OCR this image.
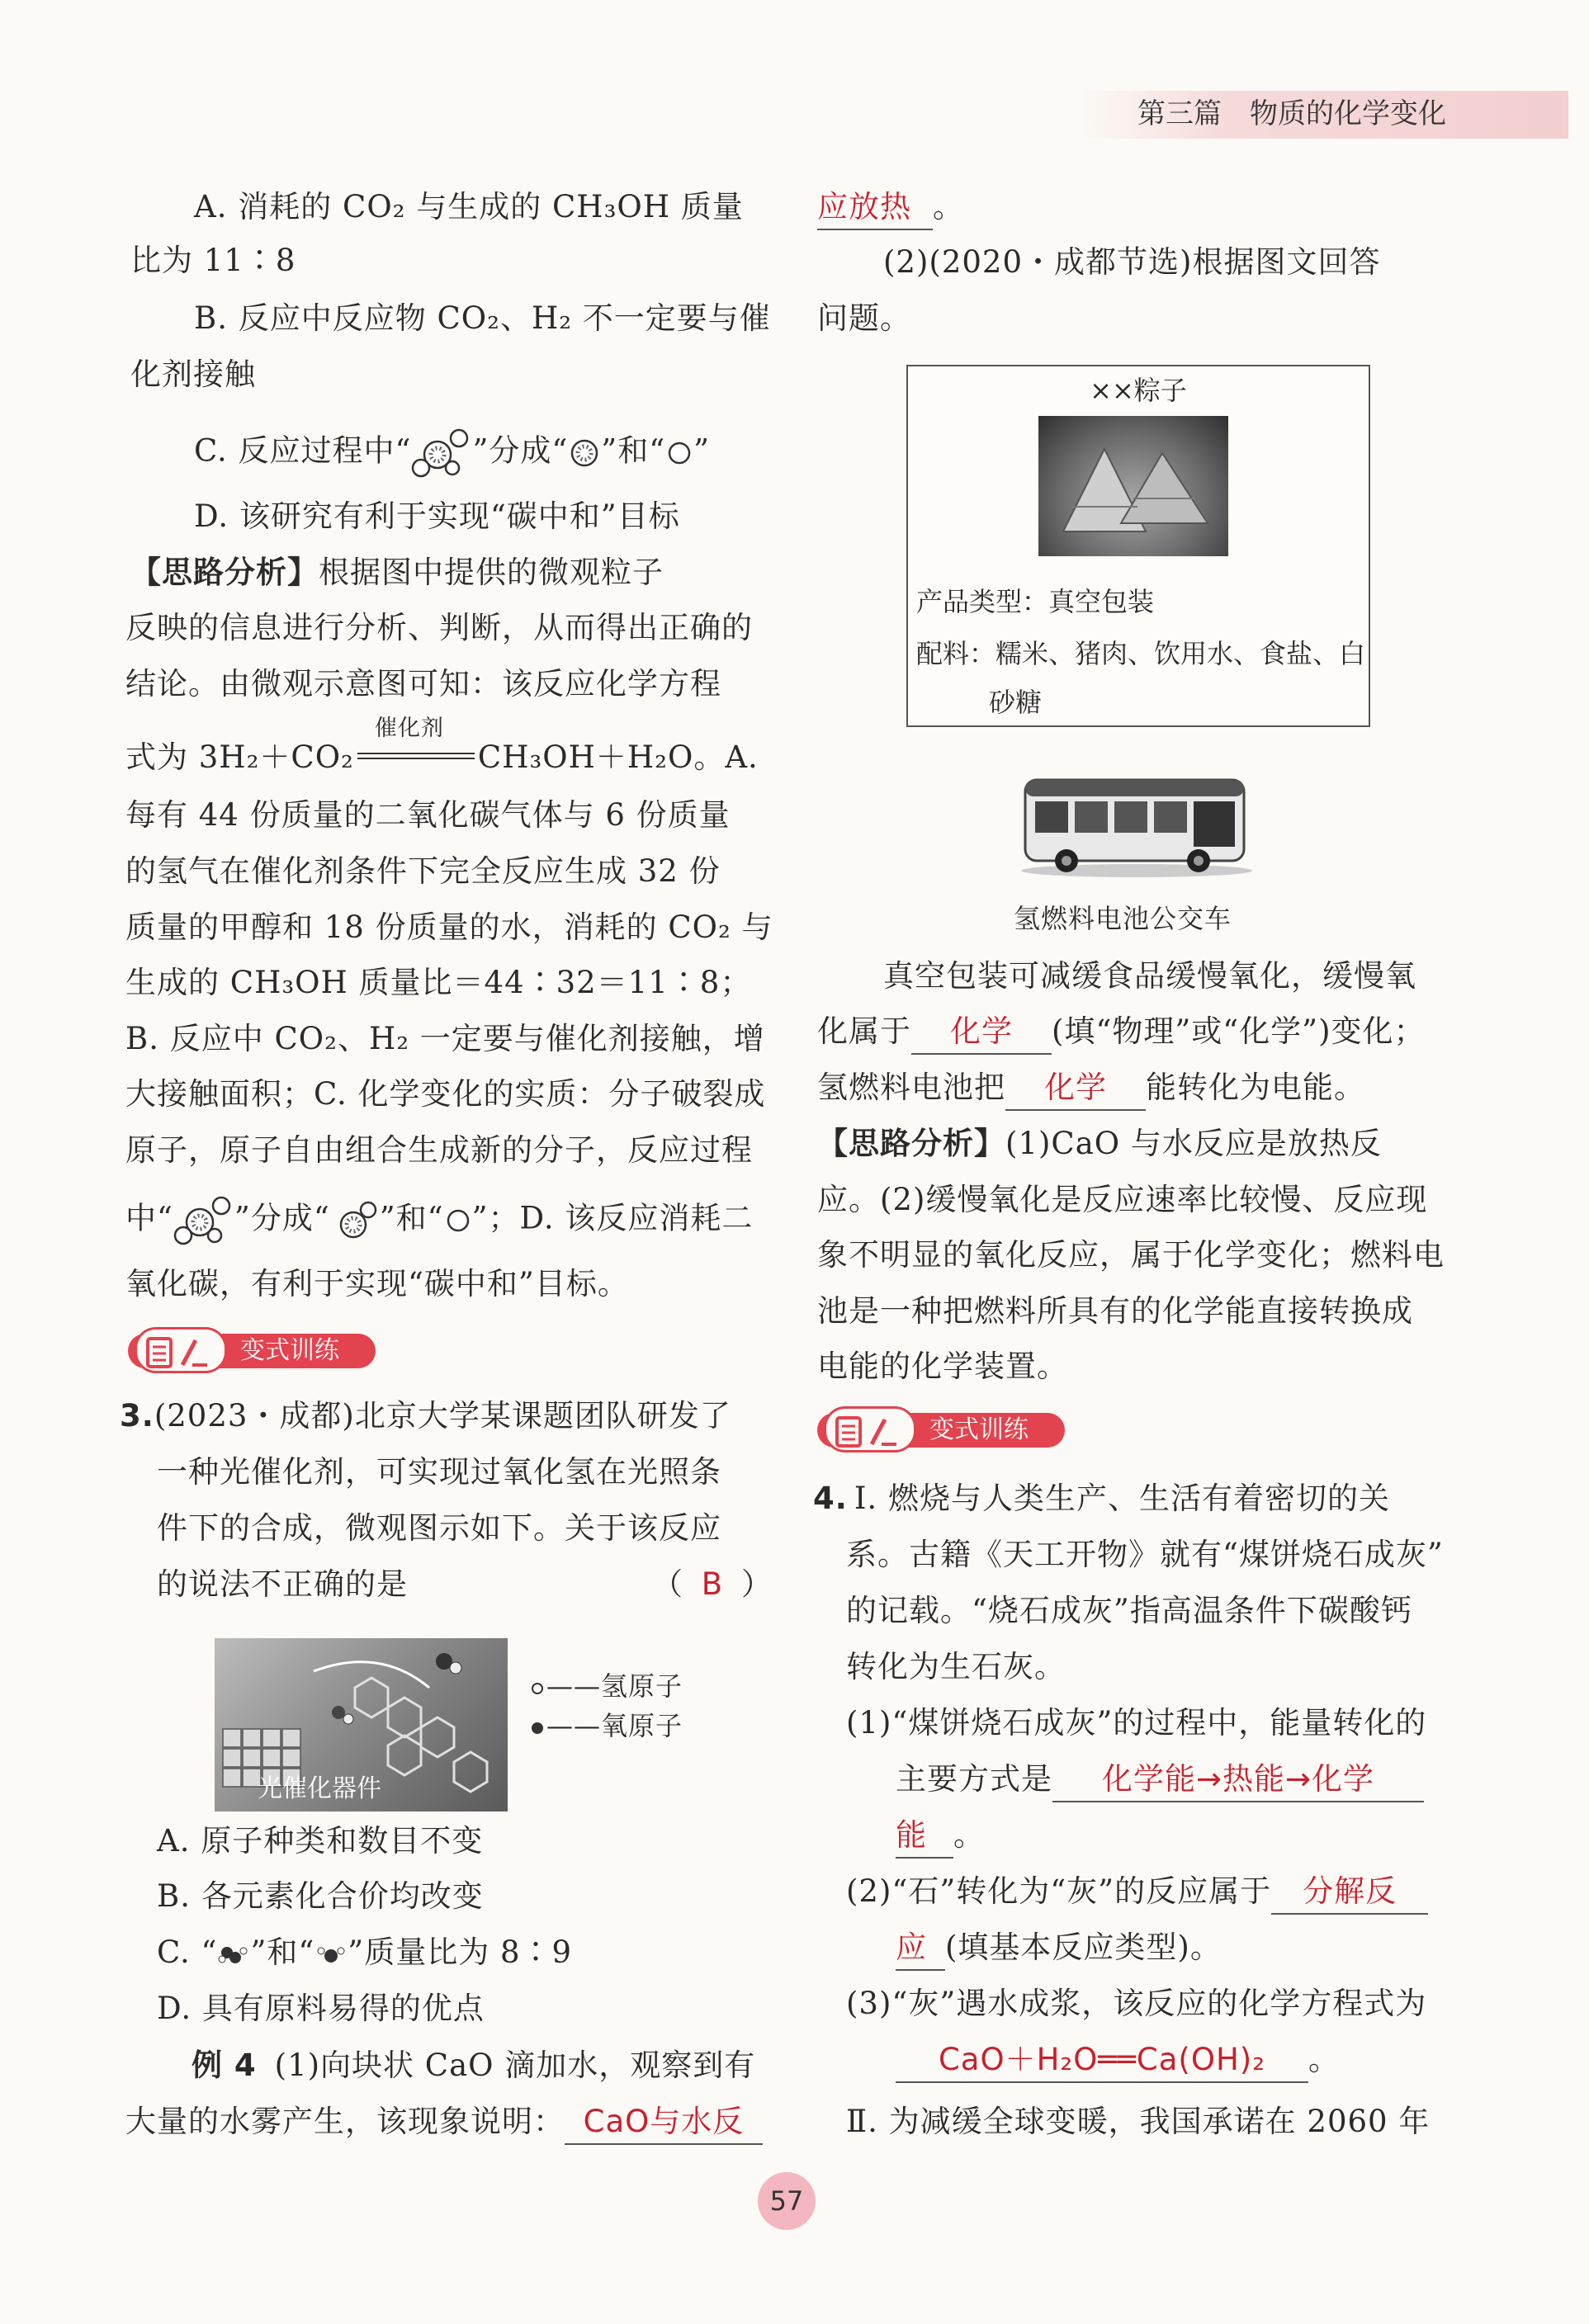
第三篇　物质的化学变化
A. 消耗的 CO₂ 与生成的 CH₃OH 质量
比为 11∶8
B. 反应中反应物 CO₂、H₂ 不一定要与催
化剂接触
C. 反应过程中“ ”分成“ ”和“ ”
D. 该研究有利于实现“碳中和”目标
【思路分析】根据图中提供的微观粒子
反映的信息进行分析、判断，从而得出正确的
结论。由微观示意图可知：该反应化学方程
式为 3H₂＋CO₂
催化剂
CH₃OH＋H₂O。A.
每有 44 份质量的二氧化碳气体与 6 份质量
的氢气在催化剂条件下完全反应生成 32 份
质量的甲醇和 18 份质量的水，消耗的 CO₂ 与
生成的 CH₃OH 质量比＝44∶32＝11∶8；
B. 反应中 CO₂、H₂ 一定要与催化剂接触，增
大接触面积；C. 化学变化的实质：分子破裂成
原子，原子自由组合生成新的分子，反应过程
中“ ”分成“ ”和“ ”；D. 该反应消耗二
氧化碳，有利于实现“碳中和”目标。
变式训练
3.(2023・成都)北京大学某课题团队研发了
一种光催化剂，可实现过氧化氢在光照条
件下的合成，微观图示如下。关于该反应
的说法不正确的是	（ B ）
光催化器件
——氢原子
——氧原子
A. 原子种类和数目不变
B. 各元素化合价均改变
C. “ ”和“ ”质量比为 8∶9
D. 具有原料易得的优点
例 4 (1)向块状 CaO 滴加水，观察到有
大量的水雾产生，该现象说明： CaO与水反
应放热 。
(2)(2020・成都节选)根据图文回答
问题。
××粽子
产品类型：真空包装
配料：糯米、猪肉、饮用水、食盐、白
砂糖
氢燃料电池公交车
真空包装可减缓食品缓慢氧化，缓慢氧
化属于 化学 (填“物理”或“化学”)变化；
氢燃料电池把 化学 能转化为电能。
【思路分析】(1)CaO 与水反应是放热反
应。(2)缓慢氧化是反应速率比较慢、反应现
象不明显的氧化反应，属于化学变化；燃料电
池是一种把燃料所具有的化学能直接转换成
电能的化学装置。
变式训练
4. Ⅰ. 燃烧与人类生产、生活有着密切的关
系。古籍《天工开物》就有“煤饼烧石成灰”
的记载。“烧石成灰”指高温条件下碳酸钙
转化为生石灰。
(1)“煤饼烧石成灰”的过程中，能量转化的
主要方式是 化学能→热能→化学
能 。
(2)“石”转化为“灰”的反应属于 分解反
应 (填基本反应类型)。
(3)“灰”遇水成浆，该反应的化学方程式为
CaO＋H₂O══Ca(OH)₂ 。
Ⅱ. 为减缓全球变暖，我国承诺在 2060 年
57
